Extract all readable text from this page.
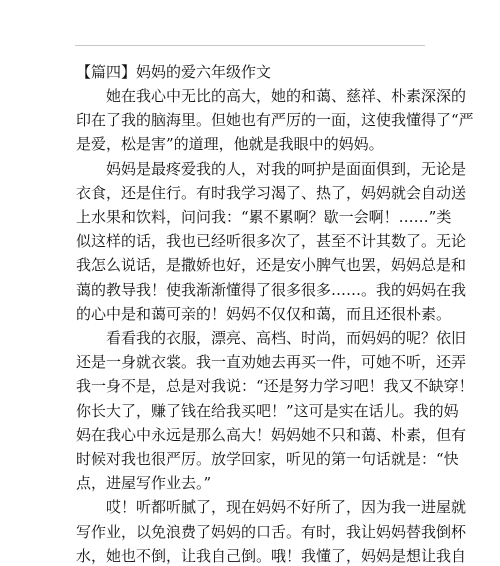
【篇四】妈妈的爱六年级作文

她在我心中无比的高大，她的和蔼、慈祥、朴素深深的

印在了我的脑海里。但她也有严厉的一面，这使我懂得了“严

是爱，松是害”的道理，他就是我眼中的妈妈。

妈妈是最疼爱我的人，对我的呵护是面面俱到，无论是

衣食，还是住行。有时我学习渴了、热了，妈妈就会自动送

上水果和饮料，问问我：“累不累啊？歇一会啊！……”类

似这样的话，我也已经听很多次了，甚至不计其数了。无论

我怎么说话，是撒娇也好，还是安小脾气也罢，妈妈总是和

蔼的教导我！使我渐渐懂得了很多很多……。我的妈妈在我

的心中是和蔼可亲的！妈妈不仅仅和蔼，而且还很朴素。

看看我的衣服，漂亮、高档、时尚，而妈妈的呢？依旧

还是一身就衣裳。我一直劝她去再买一件，可她不听，还弄

我一身不是，总是对我说：“还是努力学习吧！我又不缺穿！

你长大了，赚了钱在给我买吧！”这可是实在话儿。我的妈

妈在我心中永远是那么高大！妈妈她不只和蔼、朴素，但有

时候对我也很严厉。放学回家，听见的第一句话就是：“快

点，进屋写作业去。”

哎！听都听腻了，现在妈妈不好所了，因为我一进屋就

写作业，以免浪费了妈妈的口舌。有时，我让妈妈替我倒杯

水，她也不倒，让我自己倒。哦！我懂了，妈妈是想让我自
